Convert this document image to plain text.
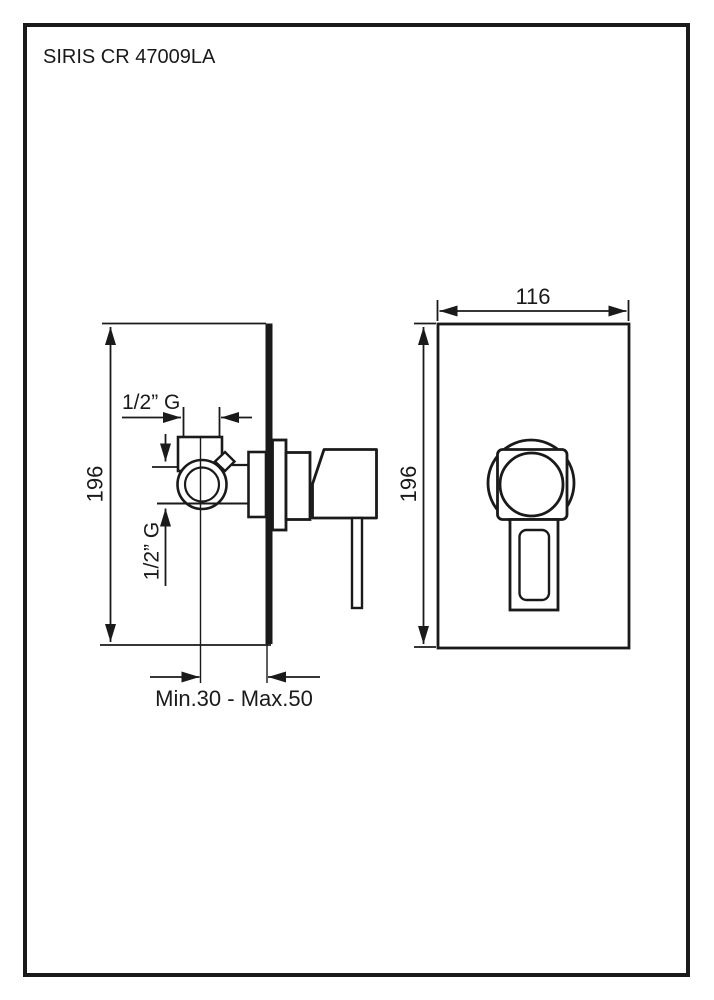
SIRIS CR 47009LA
196
1/2” G
1/2” G
Min.30 - Max.50
116
196
